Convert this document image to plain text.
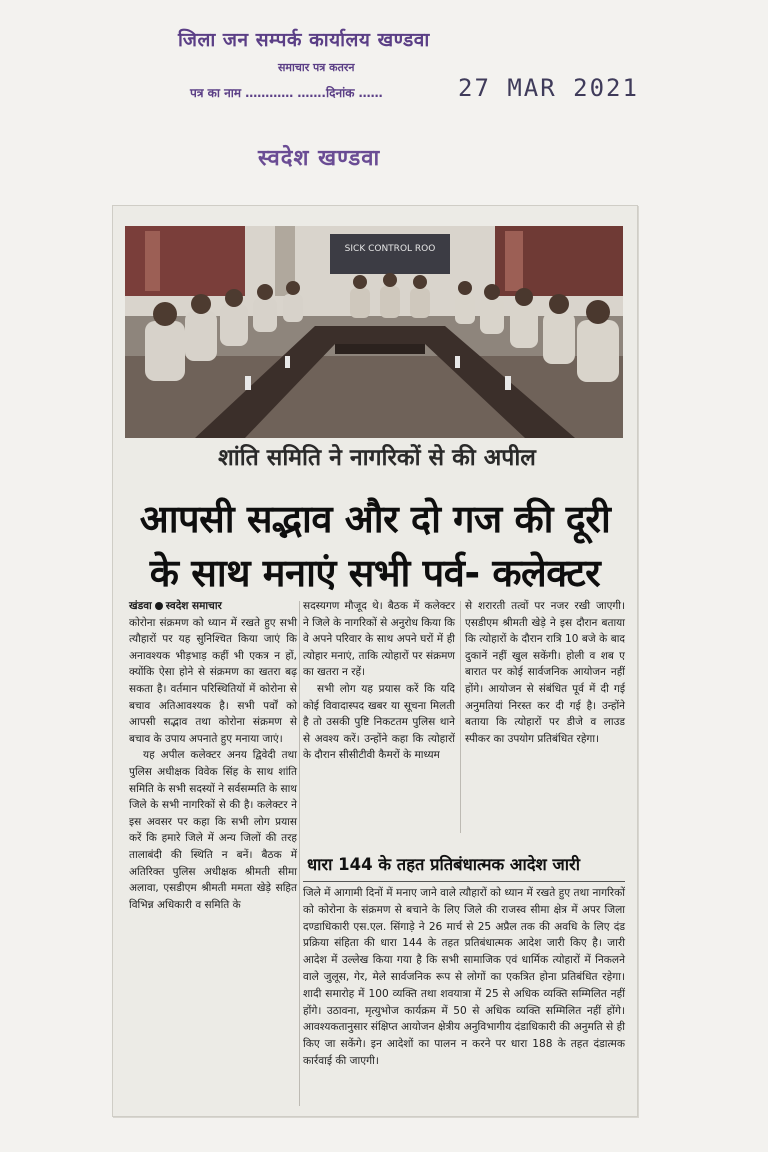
जिला जन सम्पर्क कार्यालय खण्डवा
समाचार पत्र कतरन
पत्र का नाम ………… …….दिनांक ……	27 MAR 2021
स्वदेश खण्डवा
SICK CONTROL ROO
शांति समिति ने नागरिकों से की अपील
आपसी सद्भाव और दो गज की दूरी
के साथ मनाएं सभी पर्व- कलेक्टर

खंडवा स्वदेश समाचार

कोरोना संक्रमण को ध्यान में रखते हुए सभी त्यौहारों पर यह सुनिश्चित किया जाएं कि अनावश्यक भीड़भाड़ कहीं भी एकत्र न हों, क्योंकि ऐसा होने से संक्रमण का खतरा बढ़ सकता है। वर्तमान परिस्थितियों में कोरोना से बचाव अतिआवश्यक है। सभी पर्वों को आपसी सद्भाव तथा कोरोना संक्रमण से बचाव के उपाय अपनाते हुए मनाया जाएं।

यह अपील कलेक्टर अनय द्विवेदी तथा पुलिस अधीक्षक विवेक सिंह के साथ शांति समिति के सभी सदस्यों ने सर्वसम्मति के साथ जिले के सभी नागरिकों से की है। कलेक्टर ने इस अवसर पर कहा कि सभी लोग प्रयास करें कि हमारे जिले में अन्य जिलों की तरह तालाबंदी की स्थिति न बनें। बैठक में अतिरिक्त पुलिस अधीक्षक श्रीमती सीमा अलावा, एसडीएम श्रीमती ममता खेड़े सहित विभिन्न अधिकारी व समिति के

सदस्यगण मौजूद थे। बैठक में कलेक्टर ने जिले के नागरिकों से अनुरोध किया कि वे अपने परिवार के साथ अपने घरों में ही त्योहार मनाएं, ताकि त्योहारों पर संक्रमण का खतरा न रहें।

सभी लोग यह प्रयास करें कि यदि कोई विवादास्पद खबर या सूचना मिलती है तो उसकी पुष्टि निकटतम पुलिस थाने से अवश्य करें। उन्होंने कहा कि त्योहारों के दौरान सीसीटीवी कैमरों के माध्यम

से शरारती तत्वों पर नजर रखी जाएगी। एसडीएम श्रीमती खेड़े ने इस दौरान बताया कि त्योहारों के दौरान रात्रि 10 बजे के बाद दुकानें नहीं खुल सकेंगी। होली व शब ए बारात पर कोई सार्वजनिक आयोजन नहीं होंगे। आयोजन से संबंधित पूर्व में दी गई अनुमतियां निरस्त कर दी गई है। उन्होंने बताया कि त्योहारों पर डीजे व लाउड स्पीकर का उपयोग प्रतिबंधित रहेगा।

धारा 144 के तहत प्रतिबंधात्मक आदेश जारी
जिले में आगामी दिनों में मनाए जाने वाले त्यौहारों को ध्यान में रखते हुए तथा नागरिकों को कोरोना के संक्रमण से बचाने के लिए जिले की राजस्व सीमा क्षेत्र में अपर जिला दण्डाधिकारी एस.एल. सिंगाड़े ने 26 मार्च से 25 अप्रैल तक की अवधि के लिए दंड प्रक्रिया संहिता की धारा 144 के तहत प्रतिबंधात्मक आदेश जारी किए है। जारी आदेश में उल्लेख किया गया है कि सभी सामाजिक एवं धार्मिक त्योहारों में निकलने वाले जुलूस, गेर, मेले सार्वजनिक रूप से लोगों का एकत्रित होना प्रतिबंधित रहेगा। शादी समारोह में 100 व्यक्ति तथा शवयात्रा में 25 से अधिक व्यक्ति सम्मिलित नहीं होंगे। उठावना, मृत्युभोज कार्यक्रम में 50 से अधिक व्यक्ति सम्मिलित नहीं होंगे। आवश्यकतानुसार संक्षिप्त आयोजन क्षेत्रीय अनुविभागीय दंडाधिकारी की अनुमति से ही किए जा सकेंगे। इन आदेशों का पालन न करने पर धारा 188 के तहत दंडात्मक कार्रवाई की जाएगी।
